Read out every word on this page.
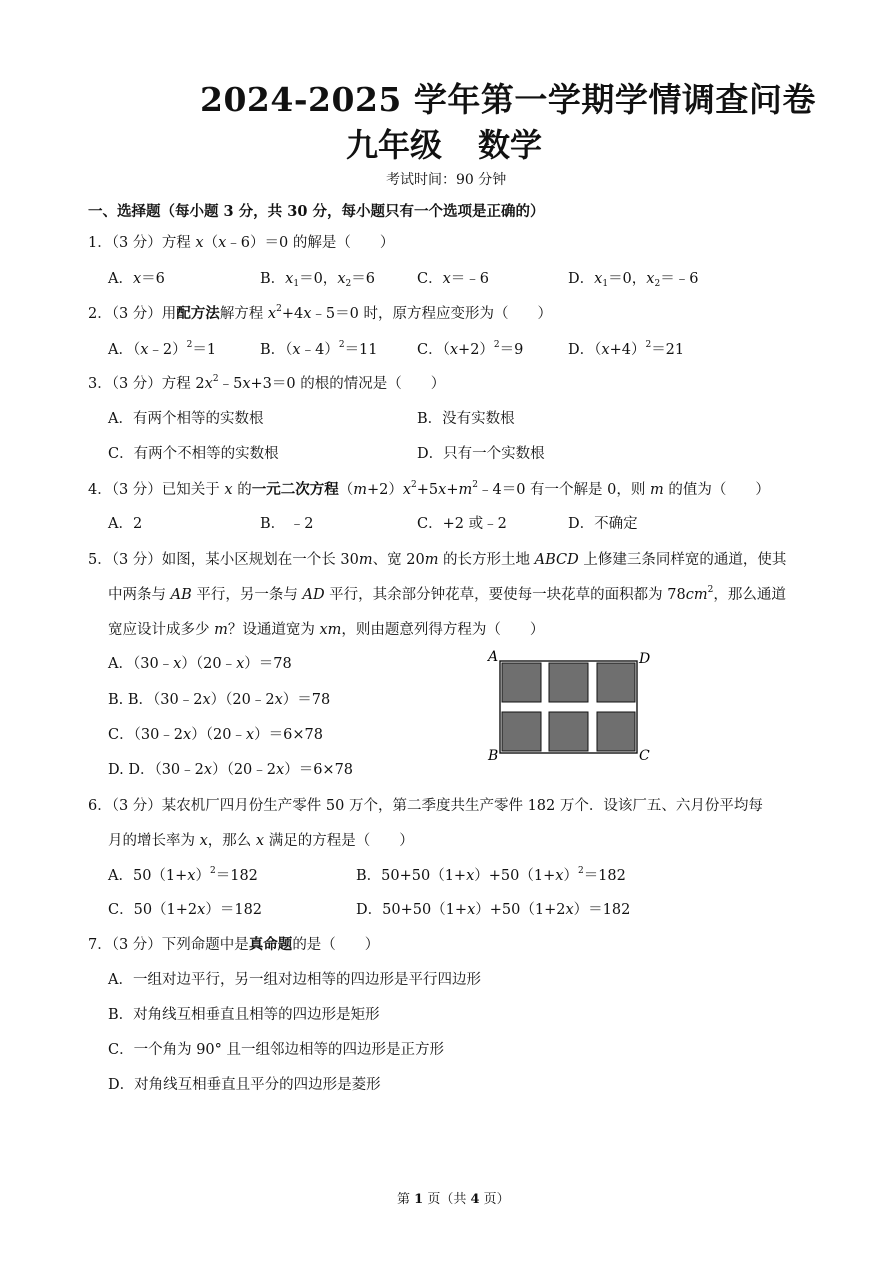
2024-2025 学年第一学期学情调查问卷
九年级 数学
考试时间：90 分钟
一、选择题（每小题 3 分，共 30 分，每小题只有一个选项是正确的）
1．（3 分）方程 x（x﹣6）＝0 的解是（　　）
A．x＝6	B．$x_1=0$，$x_2=6$	C．x＝﹣6	D．$x_1=0$，$x_2=﹣6$
2．（3 分）用配方法解方程 $x^2+4x﹣5=0$ 时，原方程应变形为（　　）
A．（x﹣2）$^2$＝1	B．（x﹣4）$^2$＝11	C．$(x+2)^2=9$	D．$(x+4)^2=21$
3．（3 分）方程 $2x^2﹣5x+3=0$ 的根的情况是（　　）
A．有两个相等的实数根	B．没有实数根
C．有两个不相等的实数根	D．只有一个实数根
4．（3 分）已知关于 x 的一元二次方程$(m+2)x^2+5x+m^2﹣4=0$ 有一个解是 0，则 m 的值为（　　）
A．2	B． ﹣2	C．+2 或﹣2	D．不确定
5．（3 分）如图，某小区规划在一个长 30m、宽 20m 的长方形土地 ABCD 上修建三条同样宽的通道，使其
中两条与 AB 平行，另一条与 AD 平行，其余部分钟花草，要使每一块花草的面积都为 $78cm^2$，那么通道
宽应设计成多少 m？设通道宽为 xm，则由题意列得方程为（　　）
A．（30﹣x）（20﹣x）＝78
B. B．（30﹣2x）（20﹣2x）＝78
C．（30﹣2x）（20﹣x）＝6×78
D. D．（30﹣2x）（20﹣2x）＝6×78
A	D
B	C
6．（3 分）某农机厂四月份生产零件 50 万个，第二季度共生产零件 182 万个．设该厂五、六月份平均每
月的增长率为 x，那么 x 满足的方程是（　　）
A．$50(1+x)^2=182$	B．$50+50(1+x)+50(1+x)^2=182$
C．50（1+2x）＝182	D．50+50（1+x）+50（1+2x）＝182
7．（3 分）下列命题中是真命题的是（　　）
A．一组对边平行，另一组对边相等的四边形是平行四边形
B．对角线互相垂直且相等的四边形是矩形
C．一个角为 90° 且一组邻边相等的四边形是正方形
D．对角线互相垂直且平分的四边形是菱形
第 1 页（共 4 页）
